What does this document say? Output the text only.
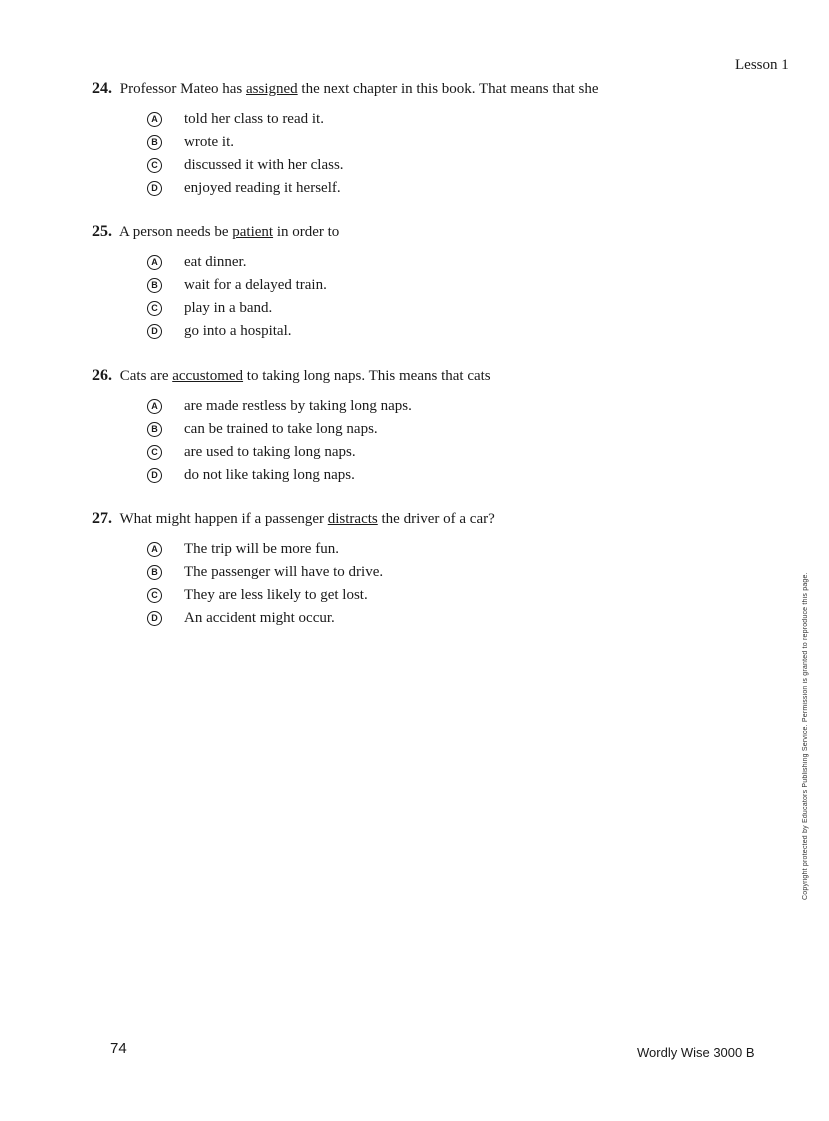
Lesson 1
24. Professor Mateo has assigned the next chapter in this book. That means that she
A told her class to read it.
B wrote it.
C discussed it with her class.
D enjoyed reading it herself.
25. A person needs be patient in order to
A eat dinner.
B wait for a delayed train.
C play in a band.
D go into a hospital.
26. Cats are accustomed to taking long naps. This means that cats
A are made restless by taking long naps.
B can be trained to take long naps.
C are used to taking long naps.
D do not like taking long naps.
27. What might happen if a passenger distracts the driver of a car?
A The trip will be more fun.
B The passenger will have to drive.
C They are less likely to get lost.
D An accident might occur.	Copyright protected by Educators Publishing Service. Permission is granted to reproduce this page.
74	Wordly Wise 3000 B
